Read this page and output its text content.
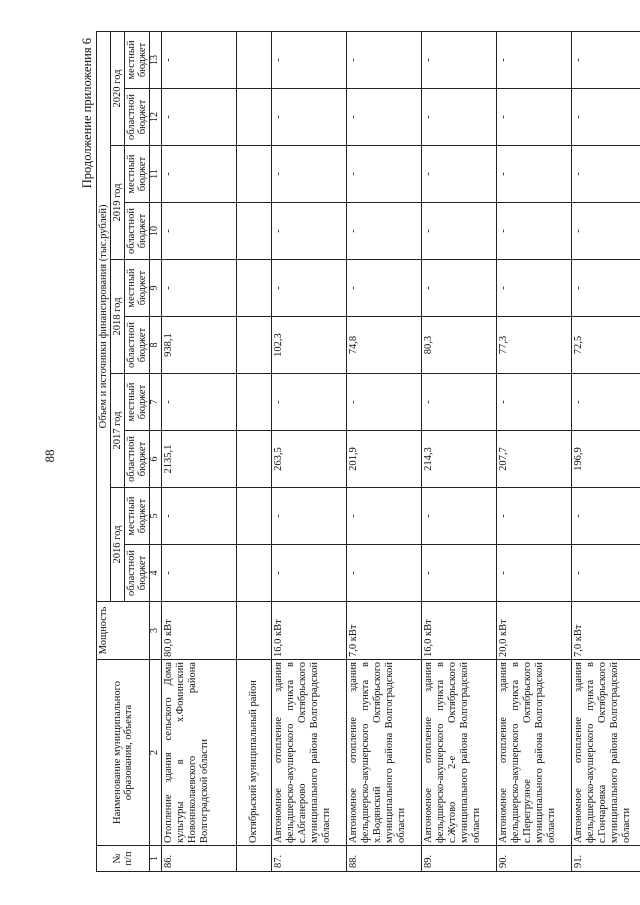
88
Продолжение приложения 6
№ п/п	Наименование муниципального образования, объекта	Мощность	Объем и источники финансирования (тыс.рублей)									
			2016 год		2017 год		2018 год		2019 год		2020 год	
			областной бюджет	местный бюджет	областной бюджет	местный бюджет	областной бюджет	местный бюджет	областной бюджет	местный бюджет	областной бюджет	местный бюджет
1	2	3	4	5	6	7	8	9	10	11	12	13
86.	Отопление здания сельского Дома культуры в х.Фоминский Новоннколаевского района Волгоградской области	80,0 кВт	-	-	2135,1	-	938,1	-	-	-	-	-
	Октябрьский муниципальный район											
87.	Автономное отопление здания фельдшерско-акушерского пункта в с.Абганерово Октябрьского муниципального района Волгоградской области	16,0 кВт	-	-	263,5	-	102,3	-	-	-	-	-
88.	Автономное отопление здания фельдшерско-акушерского пункта в х.Водянский Октябрьского муниципального района Волгоградской области	7,0 кВт	-	-	201,9	-	74,8	-	-	-	-	-
89.	Автономное отопление здания фельдшерско-акушерского пункта в с.Жутово 2-е Октябрьского муниципального района Волгоградской области	16,0 кВт	-	-	214,3	-	80,3	-	-	-	-	-
90.	Автономное отопление здания фельдшерско-акушерского пункта в с.Перегрузное Октябрьского муниципального района Волгоградской области	20,0 кВт	-	-	207,7	-	77,3	-	-	-	-	-
91.	Автономное отопление здания фельдшерско-акушерского пункта в с.Гончаровка Октябрьского муниципального района Волгоградской области	7,0 кВт	-	-	196,9	-	72,5	-	-	-	-	-
